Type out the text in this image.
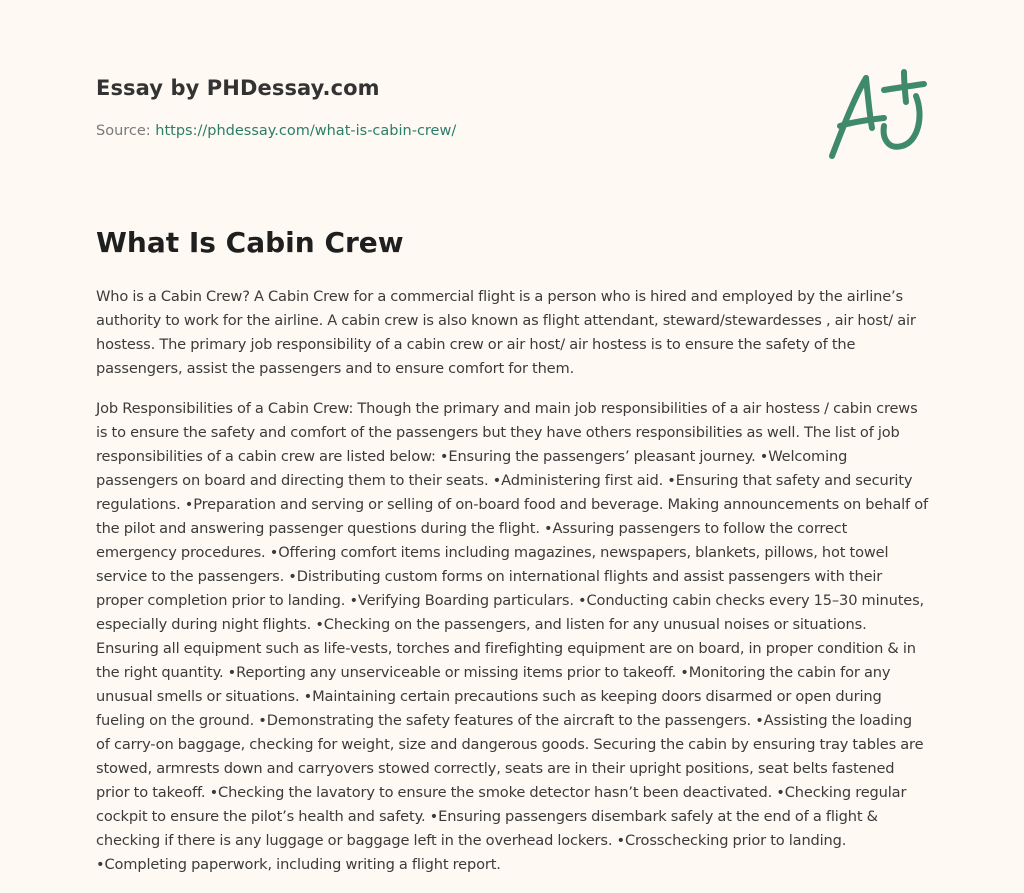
Essay by PHDessay.com
Source: https://phdessay.com/what-is-cabin-crew/
What Is Cabin Crew

Who is a Cabin Crew? A Cabin Crew for a commercial flight is a person who is hired and employed by the airline’s authority to work for the airline. A cabin crew is also known as flight attendant, steward/stewardesses , air host/ air hostess. The primary job responsibility of a cabin crew or air host/ air hostess is to ensure the safety of the passengers, assist the passengers and to ensure comfort for them.

Job Responsibilities of a Cabin Crew: Though the primary and main job responsibilities of a air hostess / cabin crews is to ensure the safety and comfort of the passengers but they have others responsibilities as well. The list of job responsibilities of a cabin crew are listed below: •Ensuring the passengers’ pleasant journey. •Welcoming passengers on board and directing them to their seats. •Administering first aid. •Ensuring that safety and security regulations. •Preparation and serving or selling of on-board food and beverage. Making announcements on behalf of the pilot and answering passenger questions during the flight. •Assuring passengers to follow the correct emergency procedures. •Offering comfort items including magazines, newspapers, blankets, pillows, hot towel service to the passengers. •Distributing custom forms on international flights and assist passengers with their proper completion prior to landing. •Verifying Boarding particulars. •Conducting cabin checks every 15–30 minutes, especially during night flights. •Checking on the passengers, and listen for any unusual noises or situations. Ensuring all equipment such as life-vests, torches and firefighting equipment are on board, in proper condition & in the right quantity. •Reporting any unserviceable or missing items prior to takeoff. •Monitoring the cabin for any unusual smells or situations. •Maintaining certain precautions such as keeping doors disarmed or open during fueling on the ground. •Demonstrating the safety features of the aircraft to the passengers. •Assisting the loading of carry-on baggage, checking for weight, size and dangerous goods. Securing the cabin by ensuring tray tables are stowed, armrests down and carryovers stowed correctly, seats are in their upright positions, seat belts fastened prior to takeoff. •Checking the lavatory to ensure the smoke detector hasn’t been deactivated. •Checking regular cockpit to ensure the pilot’s health and safety. •Ensuring passengers disembark safely at the end of a flight & checking if there is any luggage or baggage left in the overhead lockers. •Crosschecking prior to landing. •Completing paperwork, including writing a flight report.
